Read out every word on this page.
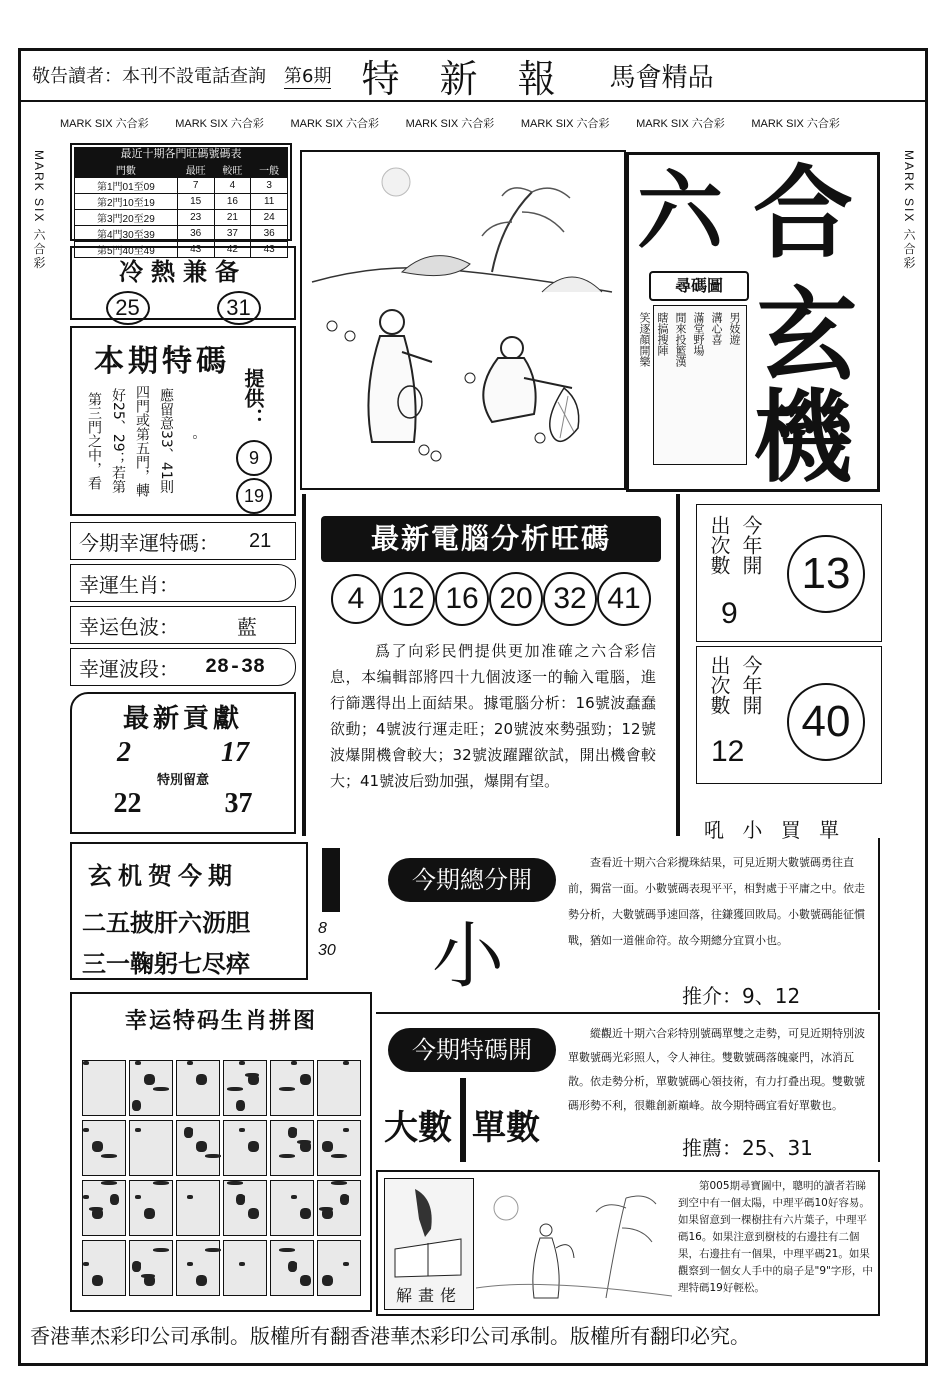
敬告讀者：本刊不設電話查詢 第6期 特 新 報 馬會精品
MARK SIX 六合彩 MARK SIX 六合彩 MARK SIX 六合彩 MARK SIX 六合彩 MARK SIX 六合彩 MARK SIX 六合彩 MARK SIX 六合彩
MARK SIX 六合彩	MARK SIX 六合彩
最近十期各門旺碼號碼表
門數	最旺	較旺	一般
第1門01至09	7	4	3
第2門10至19	15	16	11
第3門20至29	23	21	24
第4門30至39	36	37	36
第5門40至49	43	42	43
冷熱兼备
25	31
本期特碼
。
應留意33、41則
四門或第五門，轉
好25、29；若第
第三門之中，看	提供：
9
19
今期幸運特碼： 21
幸運生肖：
幸运色波：	藍
幸運波段： 28-38
最新貢獻
2	17
特別留意
22	37
玄机贺今期
二五披肝六沥胆
三一鞠躬七尽瘁
8
30
幸运特码生肖拼图
六 合
玄
機
尋碼圖
男妓遊
溝心喜
滿堂野場
閒來投籃漢
瞎搞搜陣
笑逐顏開樂
最新電腦分析旺碼
4 12 16 20 32 41
爲了向彩民們提供更加准確之六合彩信息，本编輯部將四十九個波逐一的輸入電腦，進行篩選得出上面結果。據電腦分析：16號波蠢蠢欲動；4號波行運走旺；20號波來勢强勁；12號波爆開機會較大；32號波躍躍欲試，開出機會較大；41號波后勁加强，爆開有望。
出次數 今年開
9
13
出次數 今年開
12
40
今期總分開
小
吼 小 買 單
查看近十期六合彩攪珠結果，可見近期大數號碼勇往直前，獨當一面。小數號碼表現平平，相對處于平庸之中。依走勢分析，大數號碼爭速回落，往鎌獲回敗局。小數號碼能征慣戰，猶如一道催命符。故今期總分宜買小也。
推介：9、12
今期特碼開
大數 單數
縱觀近十期六合彩特別號碼單雙之走勢，可見近期特別波單數號碼光彩照人，令人神往。雙數號碼落魄豪門，冰消瓦散。依走勢分析，單數號碼心領技術，有力打叠出現。雙數號碼形勢不利，很難創新巔峰。故今期特碼宜看好單數也。
推薦：25、31
解畫佬
第005期尋寶圖中，聰明的讀者若睇到空中有一個太陽，中理平碼10好容易。如果留意到一棵樹拄有六片葉子，中理平碼16。如果注意到樹枝的右邊拄有二個果，右邊拄有一個果，中理平碼21。如果觀察到一個女人手中的扇子是"9"字形，中理特碼19好輕松。
香港華杰彩印公司承制。版權所有翻香港華杰彩印公司承制。版權所有翻印必究。
